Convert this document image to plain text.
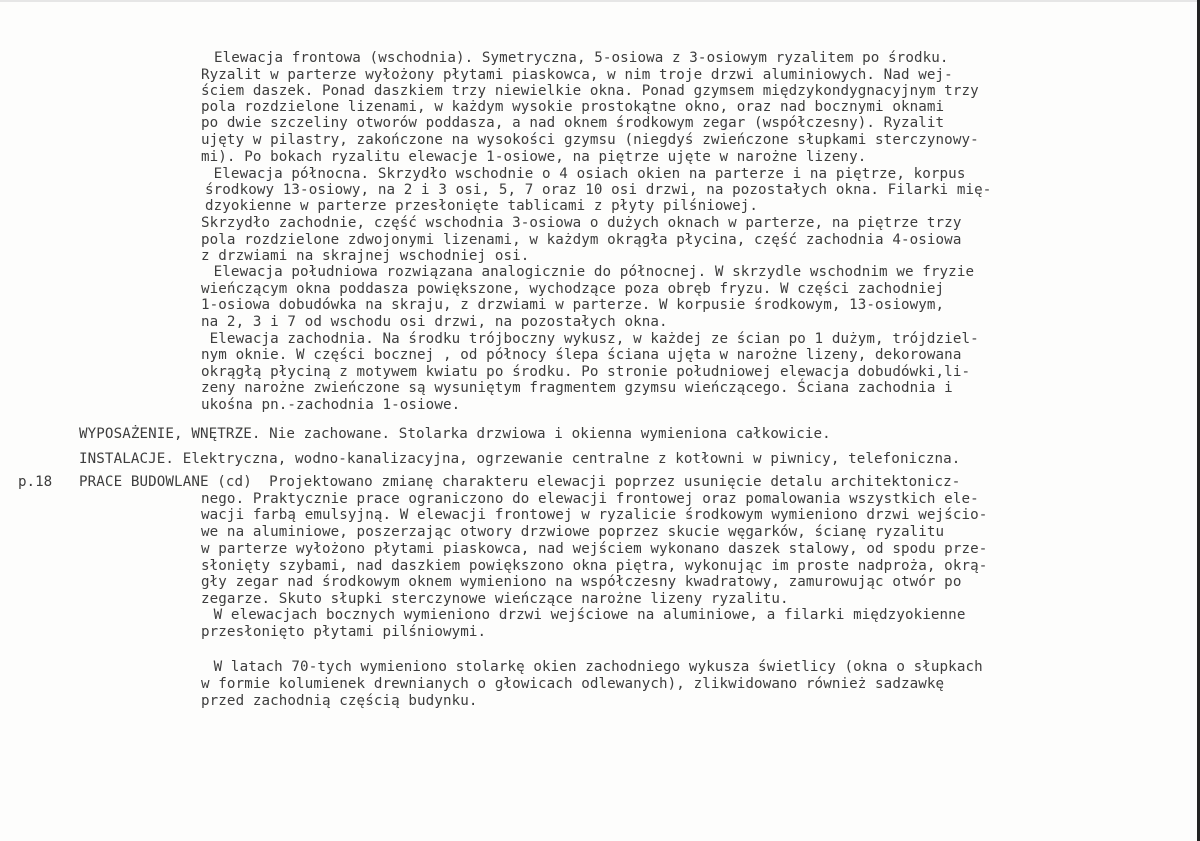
p.18
Elewacja frontowa (wschodnia). Symetryczna, 5-osiowa z 3-osiowym ryzalitem po środku.
Ryzalit w parterze wyłożony płytami piaskowca, w nim troje drzwi aluminiowych. Nad wej-
ściem daszek. Ponad daszkiem trzy niewielkie okna. Ponad gzymsem międzykondygnacyjnym trzy
pola rozdzielone lizenami, w każdym wysokie prostokątne okno, oraz nad bocznymi oknami
po dwie szczeliny otworów poddasza, a nad oknem środkowym zegar (współczesny). Ryzalit
ujęty w pilastry, zakończone na wysokości gzymsu (niegdyś zwieńczone słupkami sterczynowy-
mi). Po bokach ryzalitu elewacje 1-osiowe, na piętrze ujęte w narożne lizeny.
Elewacja północna. Skrzydło wschodnie o 4 osiach okien na parterze i na piętrze, korpus
środkowy 13-osiowy, na 2 i 3 osi, 5, 7 oraz 10 osi drzwi, na pozostałych okna. Filarki mię-
dzyokienne w parterze przesłonięte tablicami z płyty pilśniowej.
Skrzydło zachodnie, część wschodnia 3-osiowa o dużych oknach w parterze, na piętrze trzy
pola rozdzielone zdwojonymi lizenami, w każdym okrągła płycina, część zachodnia 4-osiowa
z drzwiami na skrajnej wschodniej osi.
Elewacja południowa rozwiązana analogicznie do północnej. W skrzydle wschodnim we fryzie
wieńczącym okna poddasza powiększone, wychodzące poza obręb fryzu. W części zachodniej
1-osiowa dobudówka na skraju, z drzwiami w parterze. W korpusie środkowym, 13-osiowym,
na 2, 3 i 7 od wschodu osi drzwi, na pozostałych okna.
Elewacja zachodnia. Na środku trójboczny wykusz, w każdej ze ścian po 1 dużym, trójdziel-
nym oknie. W części bocznej , od północy ślepa ściana ujęta w narożne lizeny, dekorowana
okrągłą płyciną z motywem kwiatu po środku. Po stronie południowej elewacja dobudówki,li-
zeny narożne zwieńczone są wysuniętym fragmentem gzymsu wieńczącego. Ściana zachodnia i
ukośna pn.-zachodnia 1-osiowe.
WYPOSAŻENIE, WNĘTRZE. Nie zachowane. Stolarka drzwiowa i okienna wymieniona całkowicie.
INSTALACJE. Elektryczna, wodno-kanalizacyjna, ogrzewanie centralne z kotłowni w piwnicy, telefoniczna.
PRACE BUDOWLANE (cd)  Projektowano zmianę charakteru elewacji poprzez usunięcie detalu architektonicz-
nego. Praktycznie prace ograniczono do elewacji frontowej oraz pomalowania wszystkich ele-
wacji farbą emulsyjną. W elewacji frontowej w ryzalicie środkowym wymieniono drzwi wejścio-
we na aluminiowe, poszerzając otwory drzwiowe poprzez skucie węgarków, ścianę ryzalitu
w parterze wyłożono płytami piaskowca, nad wejściem wykonano daszek stalowy, od spodu prze-
słonięty szybami, nad daszkiem powiększono okna piętra, wykonując im proste nadproża, okrą-
gły zegar nad środkowym oknem wymieniono na współczesny kwadratowy, zamurowując otwór po
zegarze. Skuto słupki sterczynowe wieńczące narożne lizeny ryzalitu.
W elewacjach bocznych wymieniono drzwi wejściowe na aluminiowe, a filarki międzyokienne
przesłonięto płytami pilśniowymi.
W latach 70-tych wymieniono stolarkę okien zachodniego wykusza świetlicy (okna o słupkach
w formie kolumienek drewnianych o głowicach odlewanych), zlikwidowano również sadzawkę
przed zachodnią częścią budynku.
